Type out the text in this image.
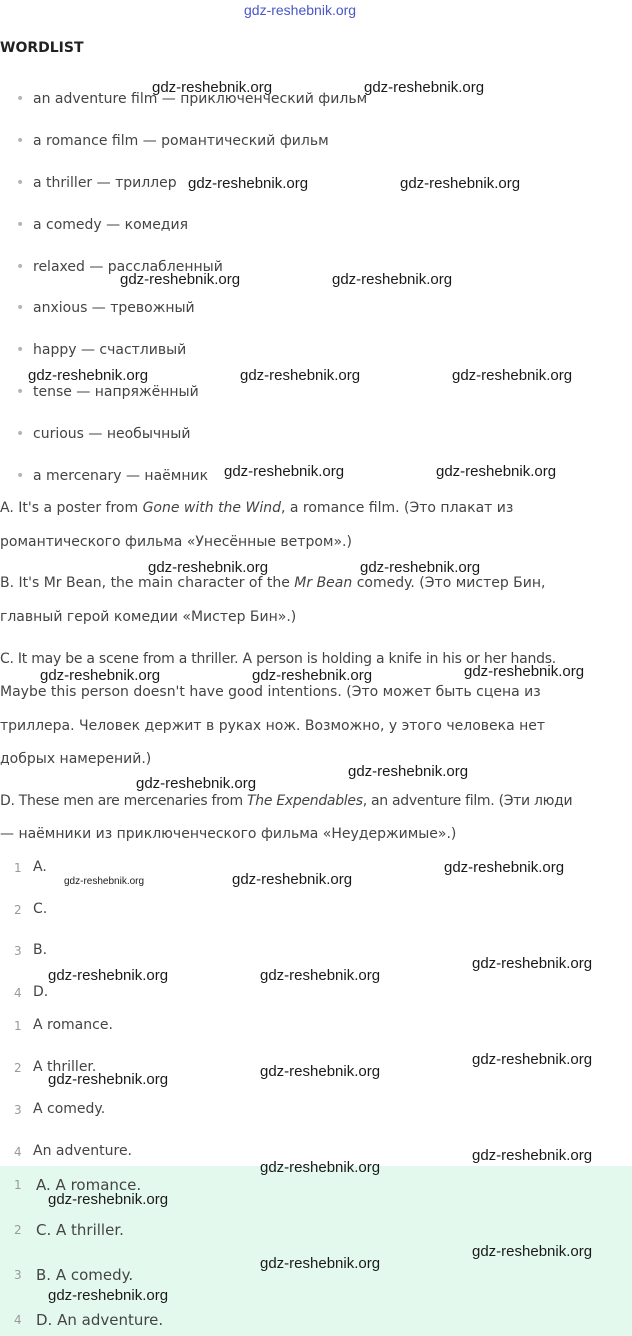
gdz-reshebnik.org
gdz-reshebnik.org	gdz-reshebnik.org
gdz-reshebnik.org	gdz-reshebnik.org
gdz-reshebnik.org	gdz-reshebnik.org
gdz-reshebnik.org	gdz-reshebnik.org	gdz-reshebnik.org
gdz-reshebnik.org	gdz-reshebnik.org
gdz-reshebnik.org	gdz-reshebnik.org
gdz-reshebnik.org	gdz-reshebnik.org	gdz-reshebnik.org
gdz-reshebnik.org
gdz-reshebnik.org
gdz-reshebnik.org	gdz-reshebnik.org
gdz-reshebnik.org
gdz-reshebnik.org	gdz-reshebnik.org
gdz-reshebnik.org
gdz-reshebnik.org	gdz-reshebnik.org
gdz-reshebnik.org
WORDLIST
• an adventure film — приключенческий фильм
• a romance film — романтический фильм
• a thriller — триллер
• a comedy — комедия
• relaxed — расслабленный
• anxious — тревожный
• happy — счастливый
• tense — напряжённый
• curious — необычный
• a mercenary — наёмник
A. It's a poster from Gone with the Wind, a romance film. (Это плакат из
романтического фильма «Унесённые ветром».)
B. It's Mr Bean, the main character of the Mr Bean comedy. (Это мистер Бин,
главный герой комедии «Мистер Бин».)
C. It may be a scene from a thriller. A person is holding a knife in his or her hands.
Maybe this person doesn't have good intentions. (Это может быть сцена из
триллера. Человек держит в руках нож. Возможно, у этого человека нет
добрых намерений.)
D. These men are mercenaries from The Expendables, an adventure film. (Эти люди
— наёмники из приключенческого фильма «Неудержимые».)
1 A.
2 C.
3 B.
4 D.
1 A romance.
2 A thriller.
3 A comedy.
4 An adventure.
1 A. A romance.
2 C. A thriller.
3 B. A comedy.
4 D. An adventure.
gdz-reshebnik.org
gdz-reshebnik.org
gdz-reshebnik.org
gdz-reshebnik.org
gdz-reshebnik.org
gdz-reshebnik.org
